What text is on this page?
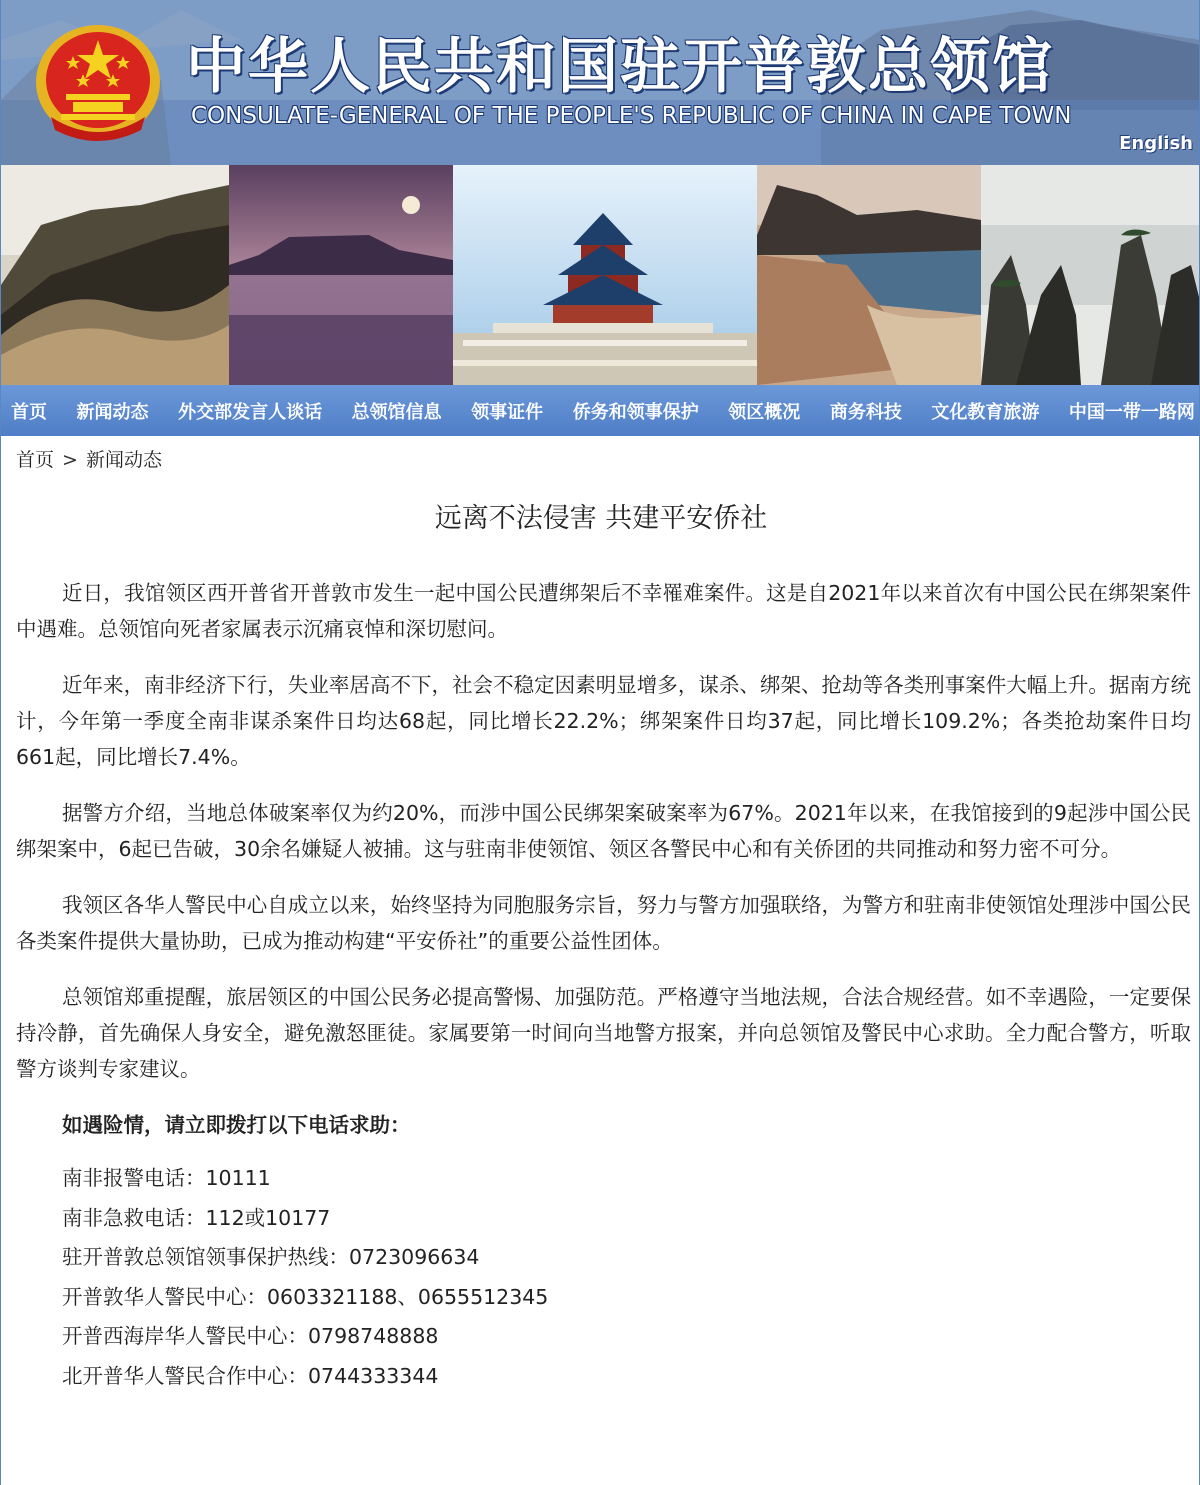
中华人民共和国驻开普敦总领馆
CONSULATE-GENERAL OF THE PEOPLE'S REPUBLIC OF CHINA IN CAPE TOWN
English
首页 新闻动态 外交部发言人谈话 总领馆信息 领事证件 侨务和领事保护 领区概况 商务科技 文化教育旅游 中国一带一路网
首页 > 新闻动态
远离不法侵害 共建平安侨社

近日，我馆领区西开普省开普敦市发生一起中国公民遭绑架后不幸罹难案件。这是自2021年以来首次有中国公民在绑架案件中遇难。总领馆向死者家属表示沉痛哀悼和深切慰问。

近年来，南非经济下行，失业率居高不下，社会不稳定因素明显增多，谋杀、绑架、抢劫等各类刑事案件大幅上升。据南方统计，今年第一季度全南非谋杀案件日均达68起，同比增长22.2%；绑架案件日均37起，同比增长109.2%；各类抢劫案件日均661起，同比增长7.4%。

据警方介绍，当地总体破案率仅为约20%，而涉中国公民绑架案破案率为67%。2021年以来，在我馆接到的9起涉中国公民绑架案中，6起已告破，30余名嫌疑人被捕。这与驻南非使领馆、领区各警民中心和有关侨团的共同推动和努力密不可分。

我领区各华人警民中心自成立以来，始终坚持为同胞服务宗旨，努力与警方加强联络，为警方和驻南非使领馆处理涉中国公民各类案件提供大量协助，已成为推动构建“平安侨社”的重要公益性团体。

总领馆郑重提醒，旅居领区的中国公民务必提高警惕、加强防范。严格遵守当地法规，合法合规经营。如不幸遇险，一定要保持冷静，首先确保人身安全，避免激怒匪徒。家属要第一时间向当地警方报案，并向总领馆及警民中心求助。全力配合警方，听取警方谈判专家建议。

如遇险情，请立即拨打以下电话求助：
南非报警电话：10111
南非急救电话：112或10177
驻开普敦总领馆领事保护热线：0723096634
开普敦华人警民中心：0603321188、0655512345
开普西海岸华人警民中心：0798748888
北开普华人警民合作中心：0744333344
